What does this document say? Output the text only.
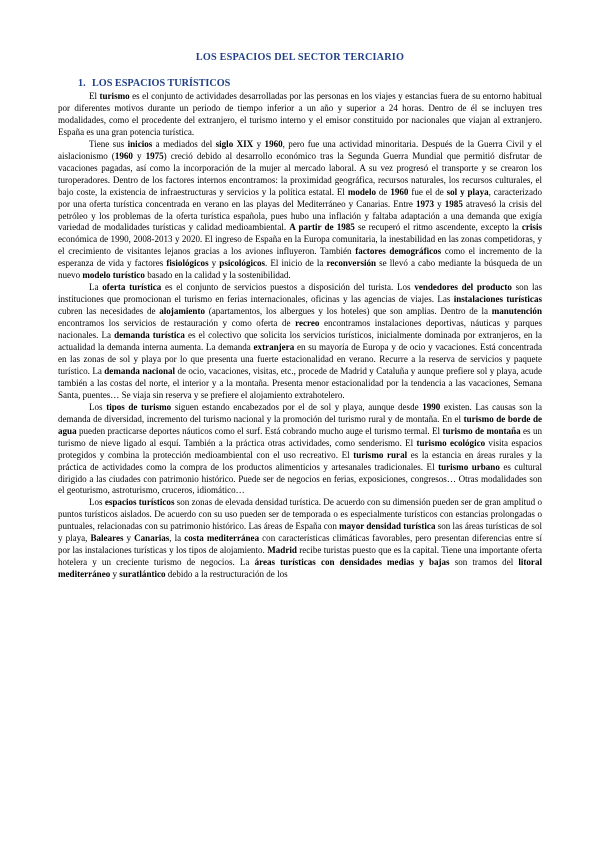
LOS ESPACIOS DEL SECTOR TERCIARIO
1. LOS ESPACIOS TURÍSTICOS

El turismo es el conjunto de actividades desarrolladas por las personas en los viajes y estancias fuera de su entorno habitual por diferentes motivos durante un periodo de tiempo inferior a un año y superior a 24 horas. Dentro de él se incluyen tres modalidades, como el procedente del extranjero, el turismo interno y el emisor constituido por nacionales que viajan al extranjero. España es una gran potencia turística.

Tiene sus inicios a mediados del siglo XIX y 1960, pero fue una actividad minoritaria. Después de la Guerra Civil y el aislacionismo (1960 y 1975) creció debido al desarrollo económico tras la Segunda Guerra Mundial que permitió disfrutar de vacaciones pagadas, así como la incorporación de la mujer al mercado laboral. A su vez progresó el transporte y se crearon los turoperadores. Dentro de los factores internos encontramos: la proximidad geográfica, recursos naturales, los recursos culturales, el bajo coste, la existencia de infraestructuras y servicios y la política estatal. El modelo de 1960 fue el de sol y playa, caracterizado por una oferta turística concentrada en verano en las playas del Mediterráneo y Canarias. Entre 1973 y 1985 atravesó la crisis del petróleo y los problemas de la oferta turística española, pues hubo una inflación y faltaba adaptación a una demanda que exigía variedad de modalidades turísticas y calidad medioambiental. A partir de 1985 se recuperó el ritmo ascendente, excepto la crisis económica de 1990, 2008-2013 y 2020. El ingreso de España en la Europa comunitaria, la inestabilidad en las zonas competidoras, y el crecimiento de visitantes lejanos gracias a los aviones influyeron. También factores demográficos como el incremento de la esperanza de vida y factores fisiológicos y psicológicos. El inicio de la reconversión se llevó a cabo mediante la búsqueda de un nuevo modelo turístico basado en la calidad y la sostenibilidad.

La oferta turística es el conjunto de servicios puestos a disposición del turista. Los vendedores del producto son las instituciones que promocionan el turismo en ferias internacionales, oficinas y las agencias de viajes. Las instalaciones turísticas cubren las necesidades de alojamiento (apartamentos, los albergues y los hoteles) que son amplias. Dentro de la manutención encontramos los servicios de restauración y como oferta de recreo encontramos instalaciones deportivas, náuticas y parques nacionales. La demanda turística es el colectivo que solicita los servicios turísticos, inicialmente dominada por extranjeros, en la actualidad la demanda interna aumenta. La demanda extranjera en su mayoría de Europa y de ocio y vacaciones. Está concentrada en las zonas de sol y playa por lo que presenta una fuerte estacionalidad en verano. Recurre a la reserva de servicios y paquete turístico. La demanda nacional de ocio, vacaciones, visitas, etc., procede de Madrid y Cataluña y aunque prefiere sol y playa, acude también a las costas del norte, el interior y a la montaña. Presenta menor estacionalidad por la tendencia a las vacaciones, Semana Santa, puentes… Se viaja sin reserva y se prefiere el alojamiento extrahotelero.

Los tipos de turismo siguen estando encabezados por el de sol y playa, aunque desde 1990 existen. Las causas son la demanda de diversidad, incremento del turismo nacional y la promoción del turismo rural y de montaña. En el turismo de borde de agua pueden practicarse deportes náuticos como el surf. Está cobrando mucho auge el turismo termal. El turismo de montaña es un turismo de nieve ligado al esquí. También a la práctica otras actividades, como senderismo. El turismo ecológico visita espacios protegidos y combina la protección medioambiental con el uso recreativo. El turismo rural es la estancia en áreas rurales y la práctica de actividades como la compra de los productos alimenticios y artesanales tradicionales. El turismo urbano es cultural dirigido a las ciudades con patrimonio histórico. Puede ser de negocios en ferias, exposiciones, congresos… Otras modalidades son el geoturismo, astroturismo, cruceros, idiomático…

Los espacios turísticos son zonas de elevada densidad turística. De acuerdo con su dimensión pueden ser de gran amplitud o puntos turísticos aislados. De acuerdo con su uso pueden ser de temporada o es especialmente turísticos con estancias prolongadas o puntuales, relacionadas con su patrimonio histórico. Las áreas de España con mayor densidad turística son las áreas turísticas de sol y playa, Baleares y Canarias, la costa mediterránea con características climáticas favorables, pero presentan diferencias entre sí por las instalaciones turísticas y los tipos de alojamiento. Madrid recibe turistas puesto que es la capital. Tiene una importante oferta hotelera y un creciente turismo de negocios. La áreas turísticas con densidades medias y bajas son tramos del litoral mediterráneo y suratlántico debido a la restructuración de los
